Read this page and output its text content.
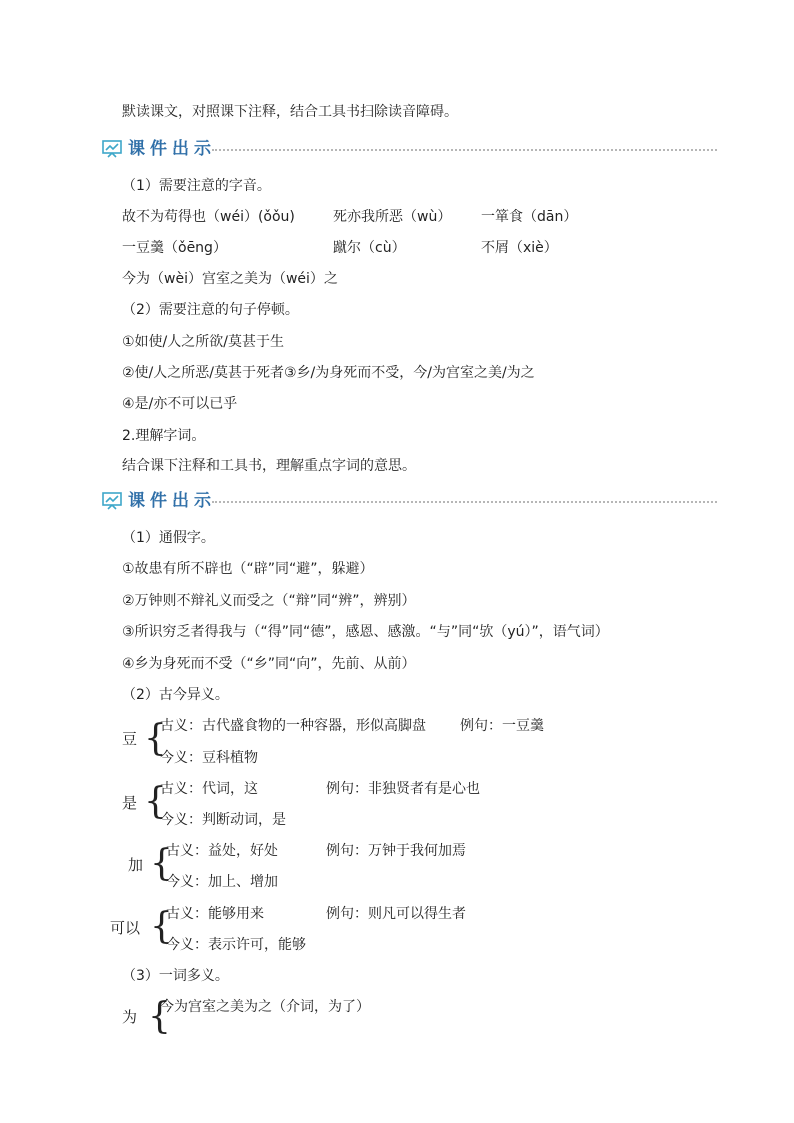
默读课文，对照课下注释，结合工具书扫除读音障碍。
课件出示
（1）需要注意的字音。
故不为苟得也（wéi）(ǒǒu)	死亦我所恶（wù） 一箪食（dān）
一豆羹（ǒēng）	蹴尔（cù）	不屑（xiè）
今为（wèi）宫室之美为（wéi）之
（2）需要注意的句子停顿。
①如使/人之所欲/莫甚于生
②使/人之所恶/莫甚于死者③乡/为身死而不受，今/为宫室之美/为之
④是/亦不可以已乎
2.理解字词。
结合课下注释和工具书，理解重点字词的意思。
课件出示
（1）通假字。
①故患有所不辟也（“辟”同“避”，躲避）
②万钟则不辩礼义而受之（“辩”同“辨”，辨别）
③所识穷乏者得我与（“得”同“德”，感恩、感激。“与”同“欤（yú）”，语气词）
④乡为身死而不受（“乡”同“向”，先前、从前）
（2）古今异义。
豆 {
古义：古代盛食物的一种容器，形似高脚盘 例句：一豆羹
今义：豆科植物
是 {
古义：代词，这	例句：非独贤者有是心也
今义：判断动词，是
加 {
古义：益处，好处	例句：万钟于我何加焉
今义：加上、增加
可以 {
古义：能够用来	例句：则凡可以得生者
今义：表示许可，能够
（3）一词多义。
为 {
今为宫室之美为之（介词，为了）
